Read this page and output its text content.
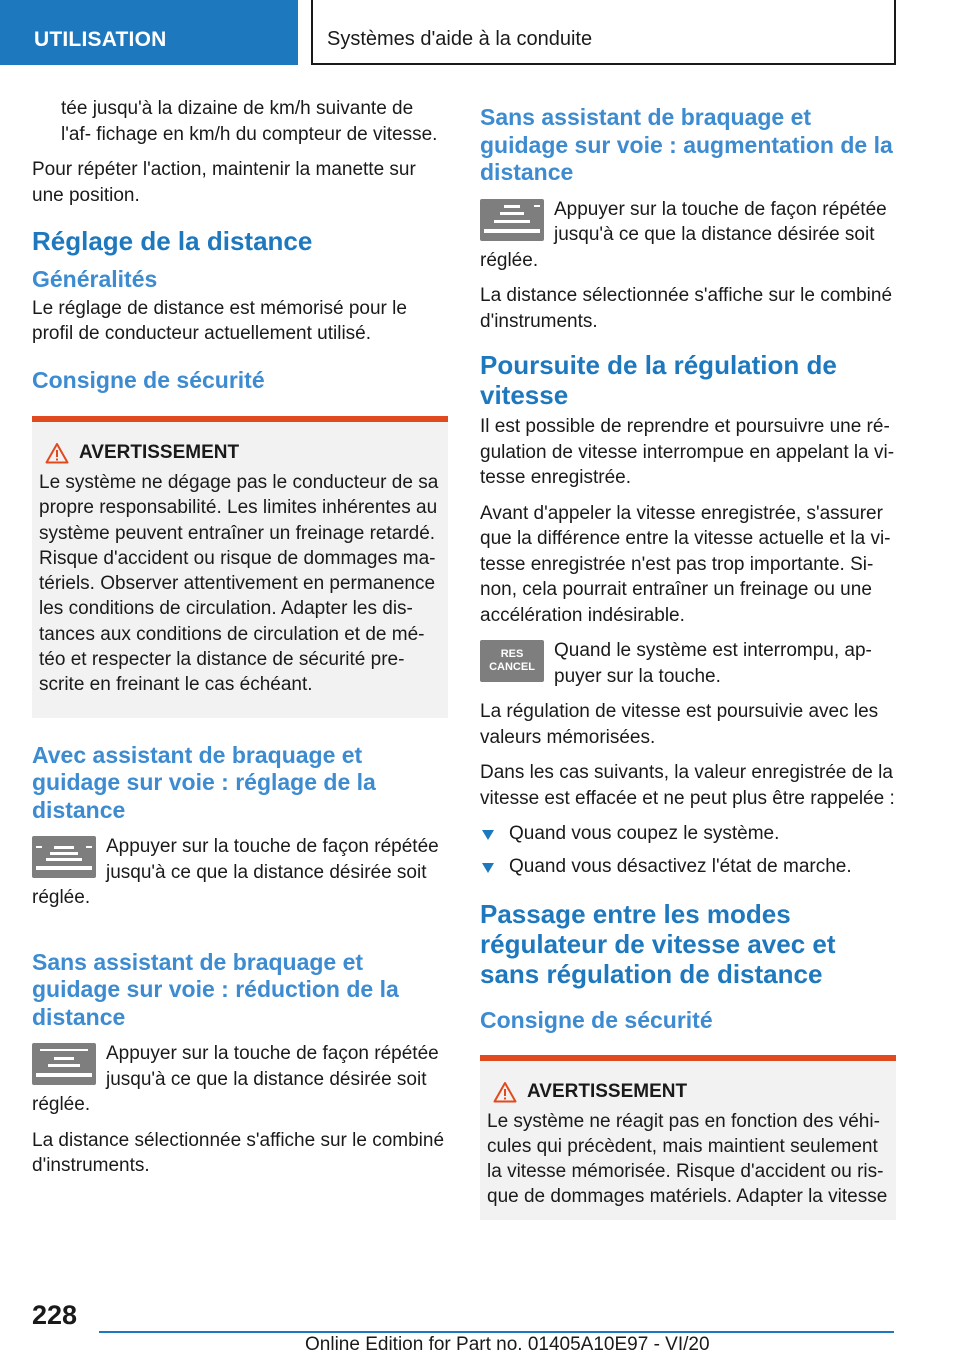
UTILISATION	Systèmes d'aide à la conduite

tée jusqu'à la dizaine de km/h suivante de l'af- fichage en km/h du compteur de vitesse.

Pour répéter l'action, maintenir la manette sur une position.

Réglage de la distance
Généralités

Le réglage de distance est mémorisé pour le profil de conducteur actuellement utilisé.

Consigne de sécurité
AVERTISSEMENT

Le système ne dégage pas le conducteur de sa propre responsabilité. Les limites inhérentes au système peuvent entraîner un freinage retardé. Risque d'accident ou risque de dommages ma- tériels. Observer attentivement en permanence les conditions de circulation. Adapter les dis- tances aux conditions de circulation et de mé- téo et respecter la distance de sécurité pre- scrite en freinant le cas échéant.

Avec assistant de braquage et guidage sur voie : réglage de la distance

Appuyer sur la touche de façon répétée jusqu'à ce que la distance désirée soit réglée.

Sans assistant de braquage et guidage sur voie : réduction de la distance

Appuyer sur la touche de façon répétée jusqu'à ce que la distance désirée soit réglée.

La distance sélectionnée s'affiche sur le combiné d'instruments.

Sans assistant de braquage et guidage sur voie : augmentation de la distance

Appuyer sur la touche de façon répétée jusqu'à ce que la distance désirée soit réglée.

La distance sélectionnée s'affiche sur le combiné d'instruments.

Poursuite de la régulation de vitesse

Il est possible de reprendre et poursuivre une ré- gulation de vitesse interrompue en appelant la vi- tesse enregistrée.

Avant d'appeler la vitesse enregistrée, s'assurer que la différence entre la vitesse actuelle et la vi- tesse enregistrée n'est pas trop importante. Si- non, cela pourrait entraîner un freinage ou une accélération indésirable.

RES
CANCEL

Quand le système est interrompu, ap- puyer sur la touche.

La régulation de vitesse est poursuivie avec les valeurs mémorisées.

Dans les cas suivants, la valeur enregistrée de la vitesse est effacée et ne peut plus être rappelée :

Quand vous coupez le système.
Quand vous désactivez l'état de marche.
Passage entre les modes régulateur de vitesse avec et sans régulation de distance
Consigne de sécurité
AVERTISSEMENT

Le système ne réagit pas en fonction des véhi- cules qui précèdent, mais maintient seulement la vitesse mémorisée. Risque d'accident ou ris- que de dommages matériels. Adapter la vitesse

228
Online Edition for Part no. 01405A10E97 - VI/20
